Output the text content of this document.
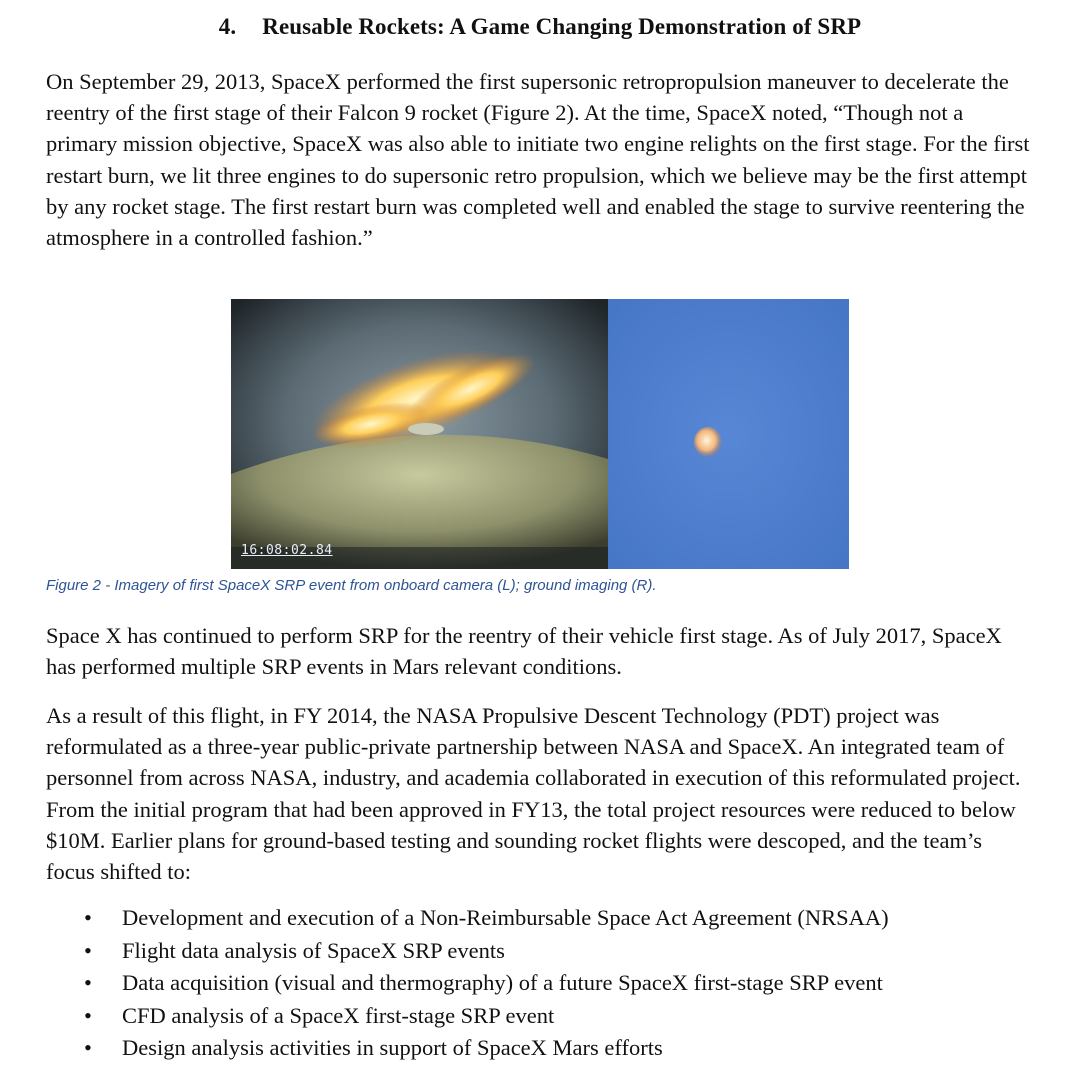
4. Reusable Rockets: A Game Changing Demonstration of SRP

On September 29, 2013, SpaceX performed the first supersonic retropropulsion maneuver to decelerate the reentry of the first stage of their Falcon 9 rocket (Figure 2). At the time, SpaceX noted, “Though not a primary mission objective, SpaceX was also able to initiate two engine relights on the first stage. For the first restart burn, we lit three engines to do supersonic retro propulsion, which we believe may be the first attempt by any rocket stage. The first restart burn was completed well and enabled the stage to survive reentering the atmosphere in a controlled fashion.”

16:08:02.84
Figure 2 - Imagery of first SpaceX SRP event from onboard camera (L); ground imaging (R).

Space X has continued to perform SRP for the reentry of their vehicle first stage. As of July 2017, SpaceX has performed multiple SRP events in Mars relevant conditions.

As a result of this flight, in FY 2014, the NASA Propulsive Descent Technology (PDT) project was reformulated as a three-year public-private partnership between NASA and SpaceX. An integrated team of personnel from across NASA, industry, and academia collaborated in execution of this reformulated project. From the initial program that had been approved in FY13, the total project resources were reduced to below $10M. Earlier plans for ground-based testing and sounding rocket flights were descoped, and the team’s focus shifted to:

• Development and execution of a Non-Reimbursable Space Act Agreement (NRSAA)
• Flight data analysis of SpaceX SRP events
• Data acquisition (visual and thermography) of a future SpaceX first-stage SRP event
• CFD analysis of a SpaceX first-stage SRP event
• Design analysis activities in support of SpaceX Mars efforts
